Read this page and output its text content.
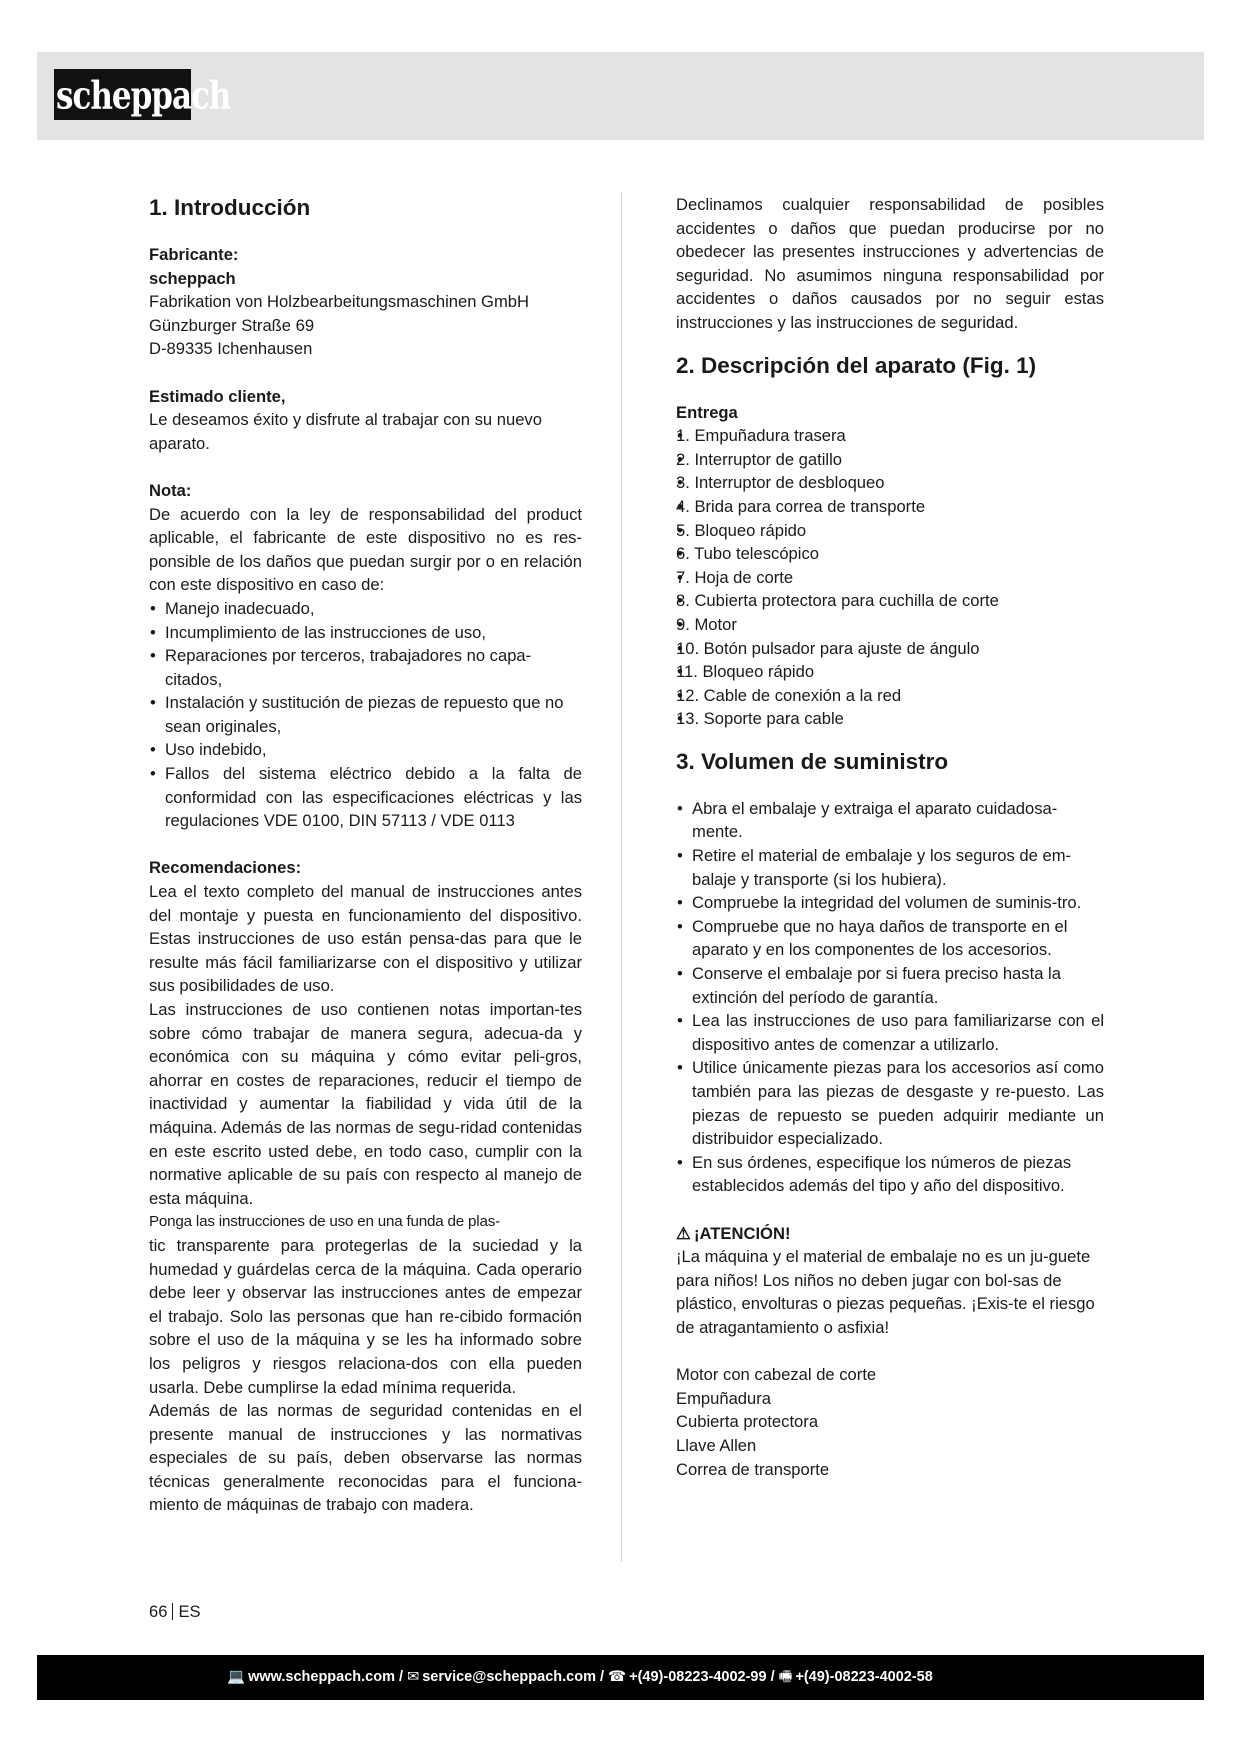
scheppach
1. Introducción
Fabricante:
scheppach
Fabrikation von Holzbearbeitungsmaschinen GmbH
Günzburger Straße 69
D-89335 Ichenhausen
Estimado cliente,
Le deseamos éxito y disfrute al trabajar con su nuevo aparato.
Nota:
De acuerdo con la ley de responsabilidad del product aplicable, el fabricante de este dispositivo no es res-ponsible de los daños que puedan surgir por o en relación con este dispositivo en caso de:
• Manejo inadecuado,
• Incumplimiento de las instrucciones de uso,
• Reparaciones por terceros, trabajadores no capa-citados,
• Instalación y sustitución de piezas de repuesto que no sean originales,
• Uso indebido,
• Fallos del sistema eléctrico debido a la falta de conformidad con las especificaciones eléctricas y las regulaciones VDE 0100, DIN 57113 / VDE 0113
Recomendaciones:
Lea el texto completo del manual de instrucciones antes del montaje y puesta en funcionamiento del dispositivo. Estas instrucciones de uso están pensa-das para que le resulte más fácil familiarizarse con el dispositivo y utilizar sus posibilidades de uso.
Las instrucciones de uso contienen notas importan-tes sobre cómo trabajar de manera segura, adecua-da y económica con su máquina y cómo evitar peli-gros, ahorrar en costes de reparaciones, reducir el tiempo de inactividad y aumentar la fiabilidad y vida útil de la máquina. Además de las normas de segu-ridad contenidas en este escrito usted debe, en todo caso, cumplir con la normative aplicable de su país con respecto al manejo de esta máquina.
Ponga las instrucciones de uso en una funda de plas-
tic transparente para protegerlas de la suciedad y la humedad y guárdelas cerca de la máquina. Cada operario debe leer y observar las instrucciones antes de empezar el trabajo. Solo las personas que han re-cibido formación sobre el uso de la máquina y se les ha informado sobre los peligros y riesgos relaciona-dos con ella pueden usarla. Debe cumplirse la edad mínima requerida.
Además de las normas de seguridad contenidas en el presente manual de instrucciones y las normativas especiales de su país, deben observarse las normas técnicas generalmente reconocidas para el funciona-miento de máquinas de trabajo con madera.
Declinamos cualquier responsabilidad de posibles accidentes o daños que puedan producirse por no obedecer las presentes instrucciones y advertencias de seguridad. No asumimos ninguna responsabilidad por accidentes o daños causados por no seguir estas instrucciones y las instrucciones de seguridad.
2. Descripción del aparato (Fig. 1)
Entrega
• 1. Empuñadura trasera
• 2. Interruptor de gatillo
• 3. Interruptor de desbloqueo
• 4. Brida para correa de transporte
• 5. Bloqueo rápido
• 6. Tubo telescópico
• 7. Hoja de corte
• 8. Cubierta protectora para cuchilla de corte
• 9. Motor
• 10. Botón pulsador para ajuste de ángulo
• 11. Bloqueo rápido
• 12. Cable de conexión a la red
• 13. Soporte para cable
3. Volumen de suministro
• Abra el embalaje y extraiga el aparato cuidadosa-mente.
• Retire el material de embalaje y los seguros de em-balaje y transporte (si los hubiera).
• Compruebe la integridad del volumen de suminis-tro.
• Compruebe que no haya daños de transporte en el aparato y en los componentes de los accesorios.
• Conserve el embalaje por si fuera preciso hasta la extinción del período de garantía.
• Lea las instrucciones de uso para familiarizarse con el dispositivo antes de comenzar a utilizarlo.
• Utilice únicamente piezas para los accesorios así como también para las piezas de desgaste y re-puesto. Las piezas de repuesto se pueden adquirir mediante un distribuidor especializado.
• En sus órdenes, especifique los números de piezas establecidos además del tipo y año del dispositivo.
⚠ ¡ATENCIÓN!
¡La máquina y el material de embalaje no es un ju-guete para niños! Los niños no deben jugar con bol-sas de plástico, envolturas o piezas pequeñas. ¡Exis-te el riesgo de atragantamiento o asfixia!
Motor con cabezal de corte
Empuñadura
Cubierta protectora
Llave Allen
Correa de transporte
66 ES
💻 www.scheppach.com / ✉ service@scheppach.com / ☎ +(49)-08223-4002-99 / 🖷 +(49)-08223-4002-58
